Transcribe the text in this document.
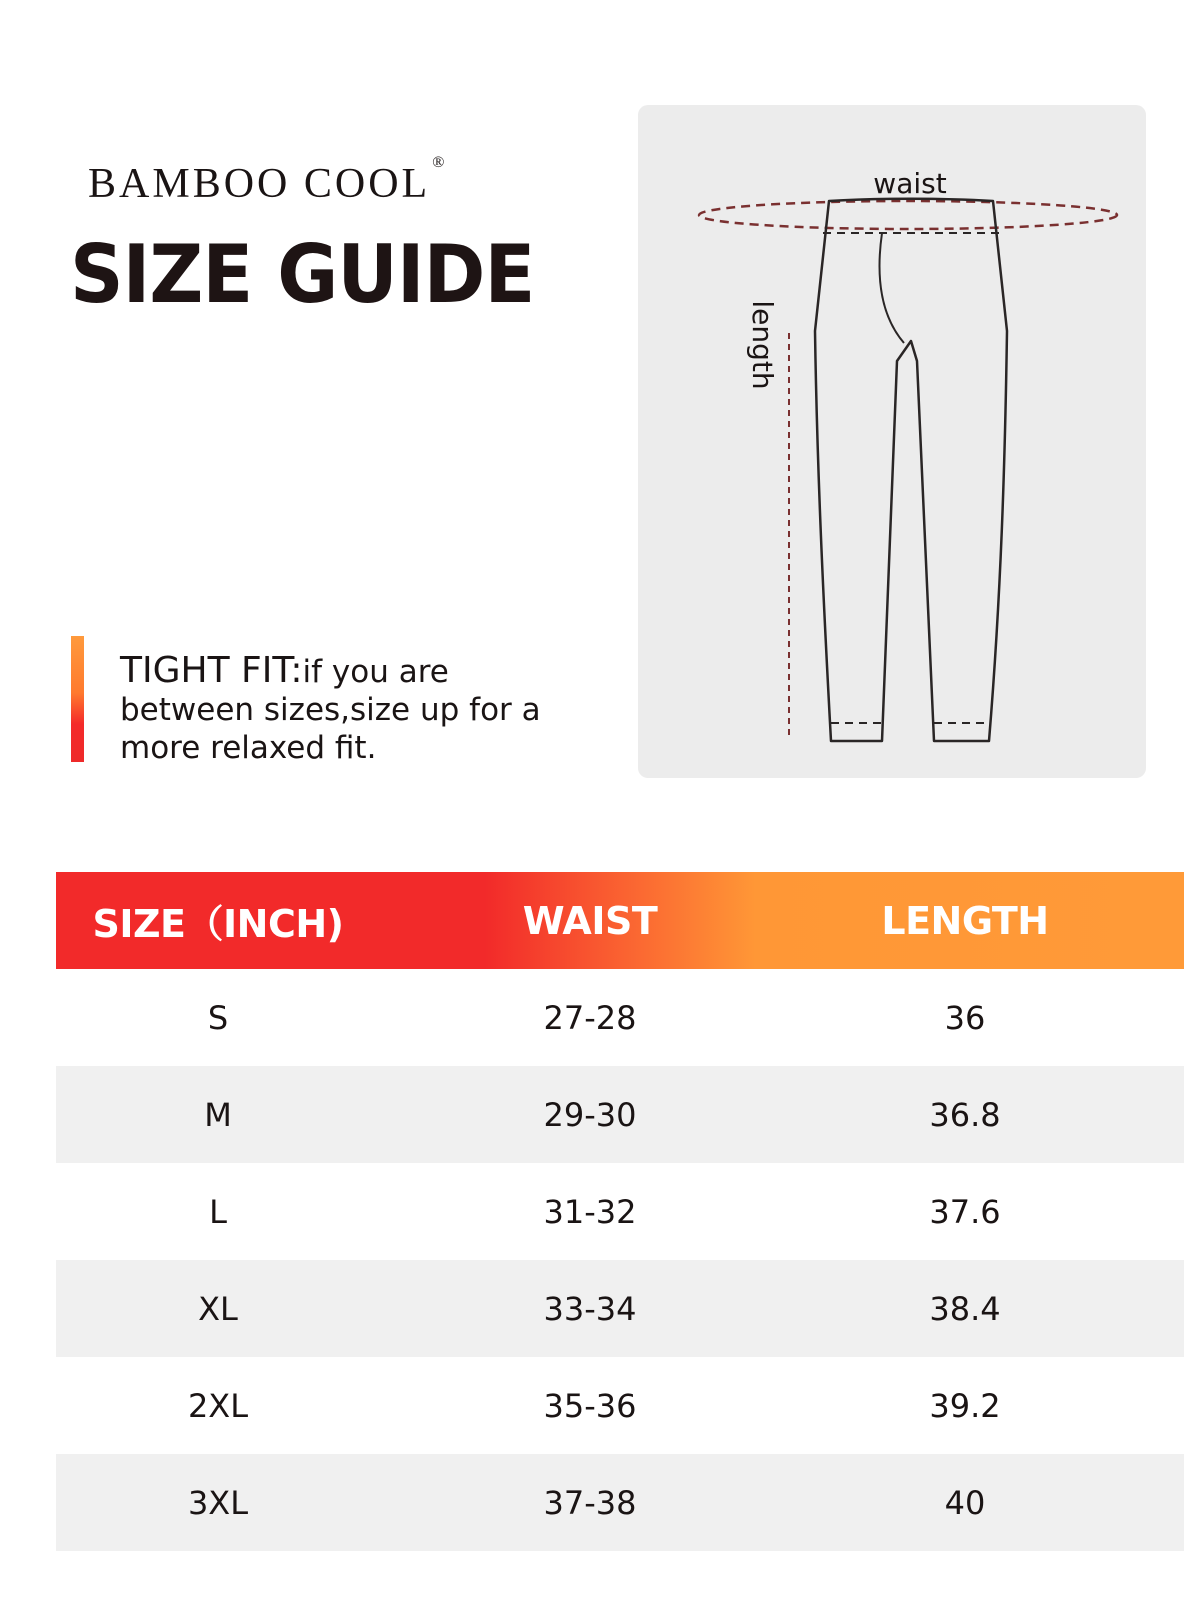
BAMBOO COOL ®
SIZE GUIDE
TIGHT FIT:if you are between sizes,size up for a more relaxed fit.
waist
length
SIZE（INCH)	WAIST	LENGTH
S	27-28	36
M	29-30	36.8
L	31-32	37.6
XL	33-34	38.4
2XL	35-36	39.2
3XL	37-38	40
